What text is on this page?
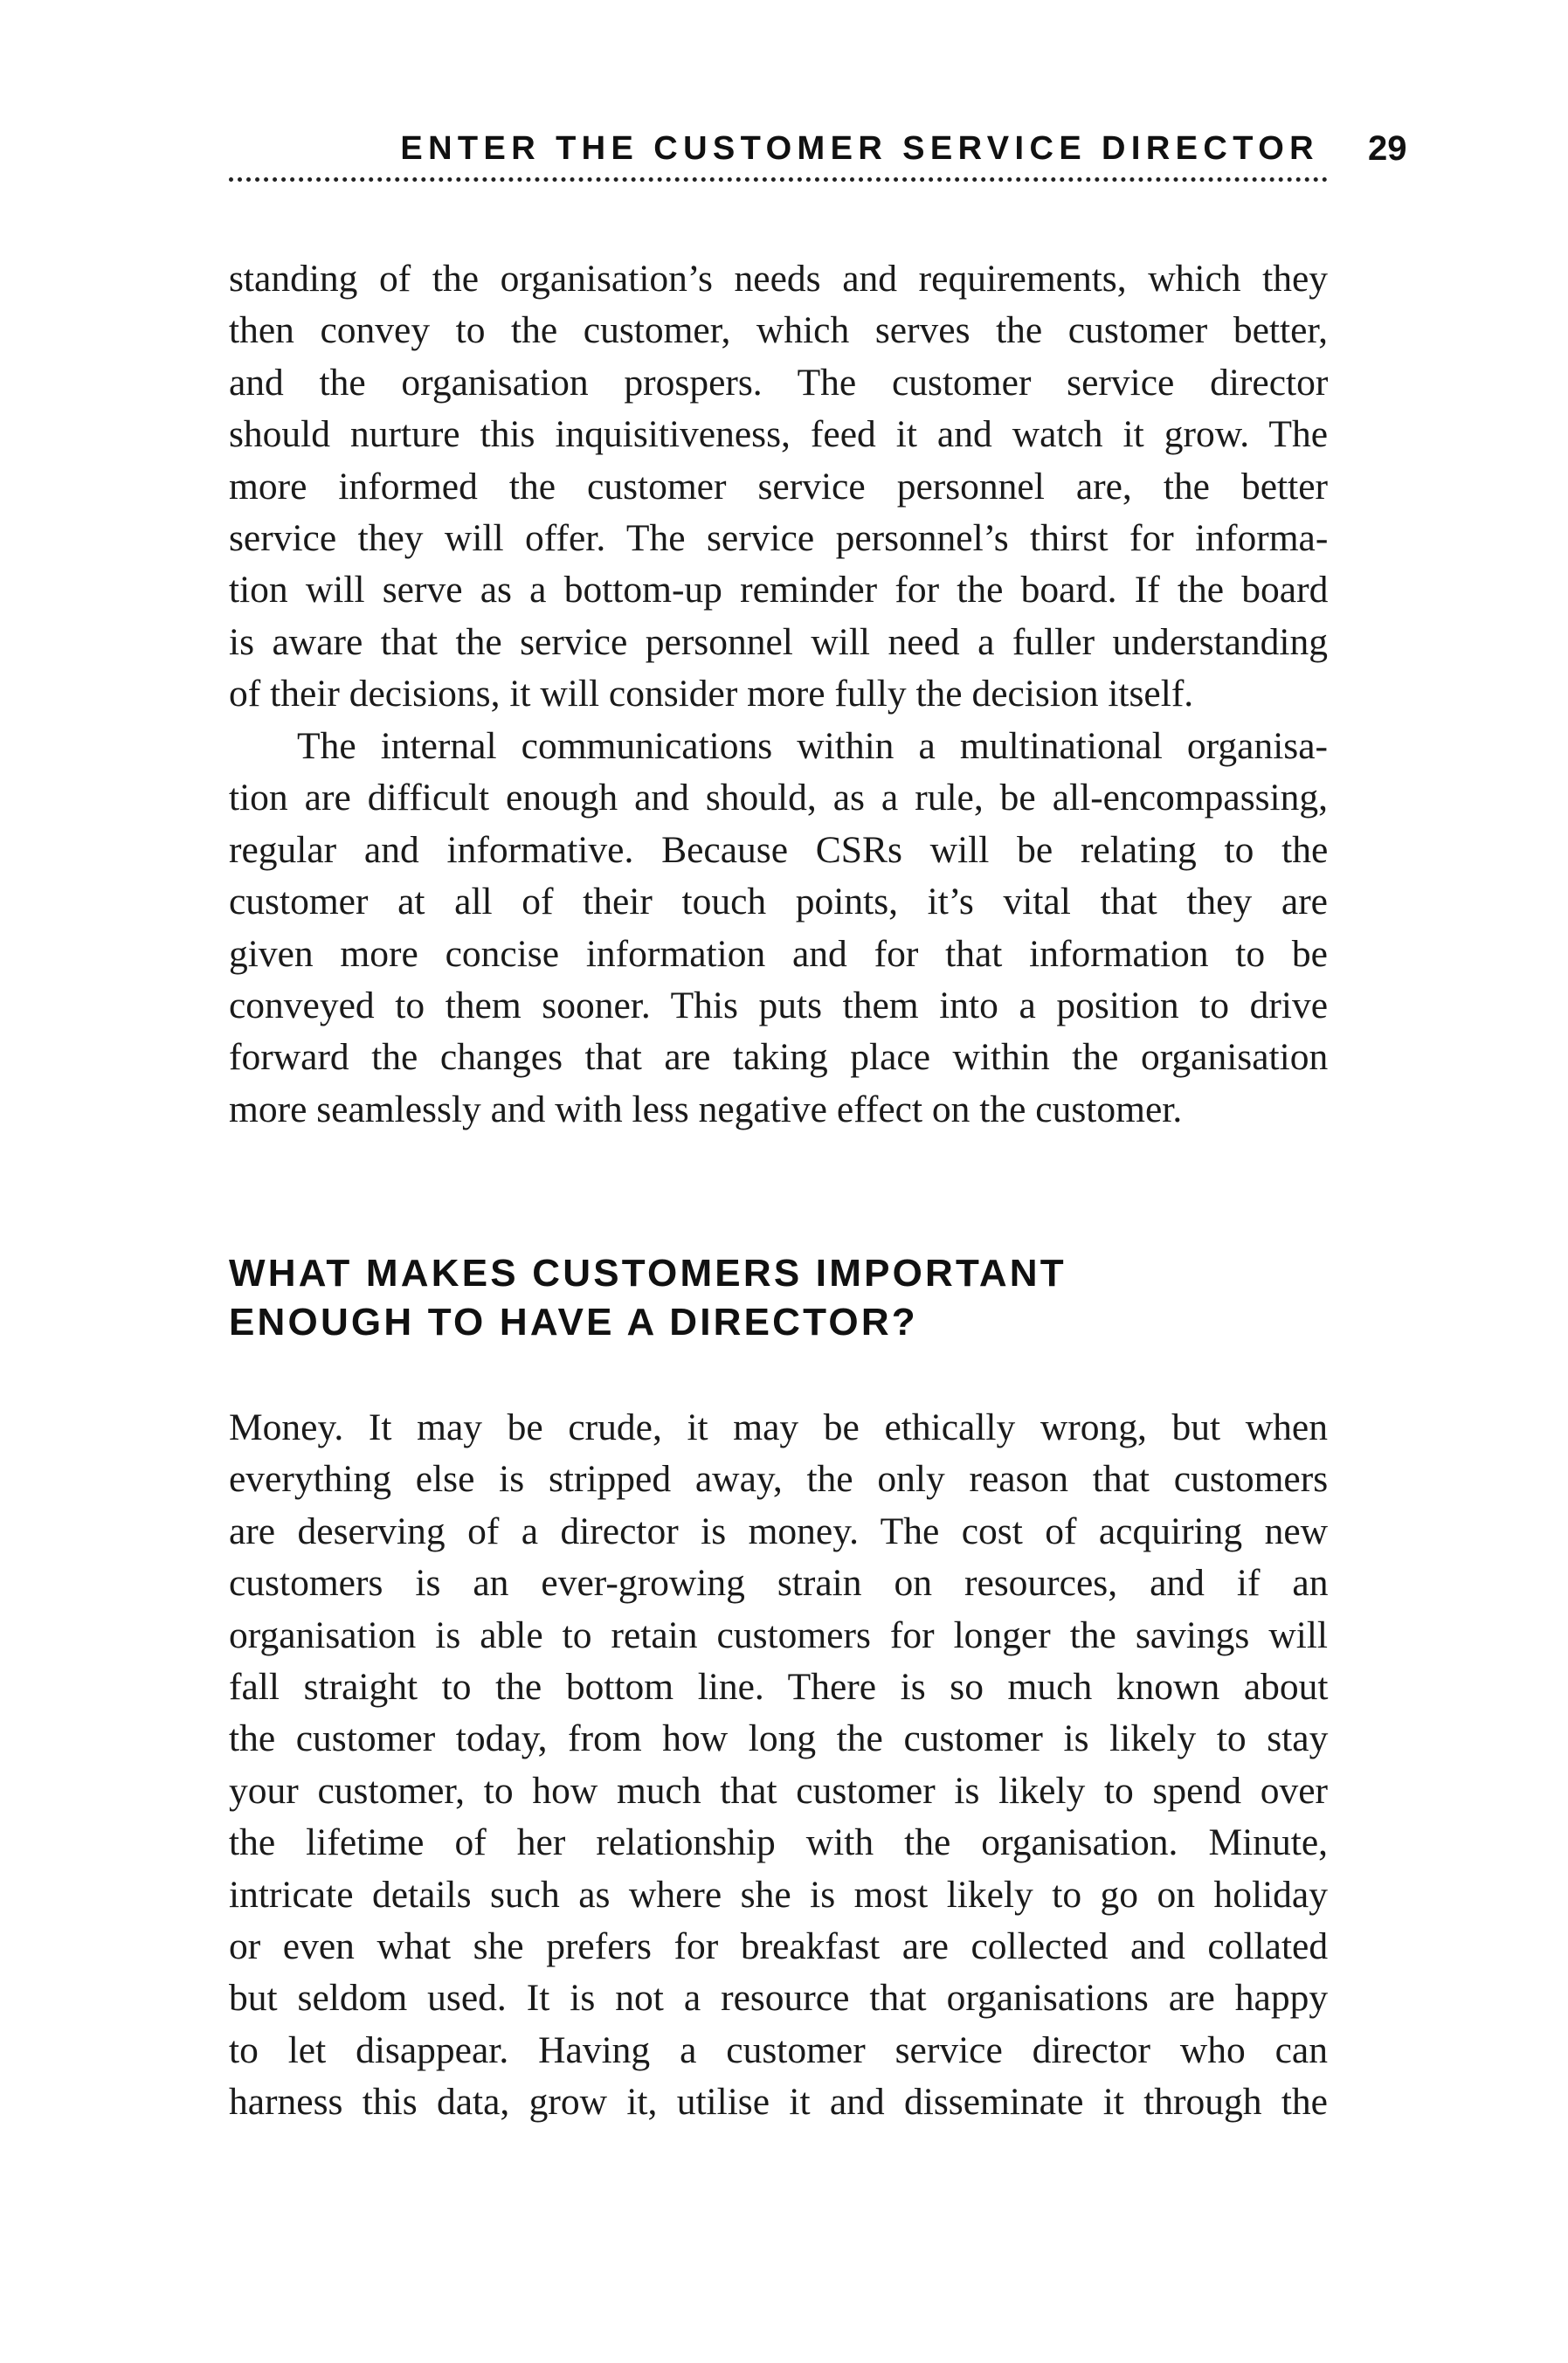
ENTER THE CUSTOMER SERVICE DIRECTOR 29

standing of the organisation’s needs and requirements, which they
then convey to the customer, which serves the customer better,
and the organisation prospers. The customer service director
should nurture this inquisitiveness, feed it and watch it grow. The
more informed the customer service personnel are, the better
service they will offer. The service personnel’s thirst for informa-
tion will serve as a bottom-up reminder for the board. If the board
is aware that the service personnel will need a fuller understanding
of their decisions, it will consider more fully the decision itself.

The internal communications within a multinational organisa-
tion are difficult enough and should, as a rule, be all-encompassing,
regular and informative. Because CSRs will be relating to the
customer at all of their touch points, it’s vital that they are
given more concise information and for that information to be
conveyed to them sooner. This puts them into a position to drive
forward the changes that are taking place within the organisation
more seamlessly and with less negative effect on the customer.

WHAT MAKES CUSTOMERS IMPORTANT
ENOUGH TO HAVE A DIRECTOR?

Money. It may be crude, it may be ethically wrong, but when
everything else is stripped away, the only reason that customers
are deserving of a director is money. The cost of acquiring new
customers is an ever-growing strain on resources, and if an
organisation is able to retain customers for longer the savings will
fall straight to the bottom line. There is so much known about
the customer today, from how long the customer is likely to stay
your customer, to how much that customer is likely to spend over
the lifetime of her relationship with the organisation. Minute,
intricate details such as where she is most likely to go on holiday
or even what she prefers for breakfast are collected and collated
but seldom used. It is not a resource that organisations are happy
to let disappear. Having a customer service director who can
harness this data, grow it, utilise it and disseminate it through the
